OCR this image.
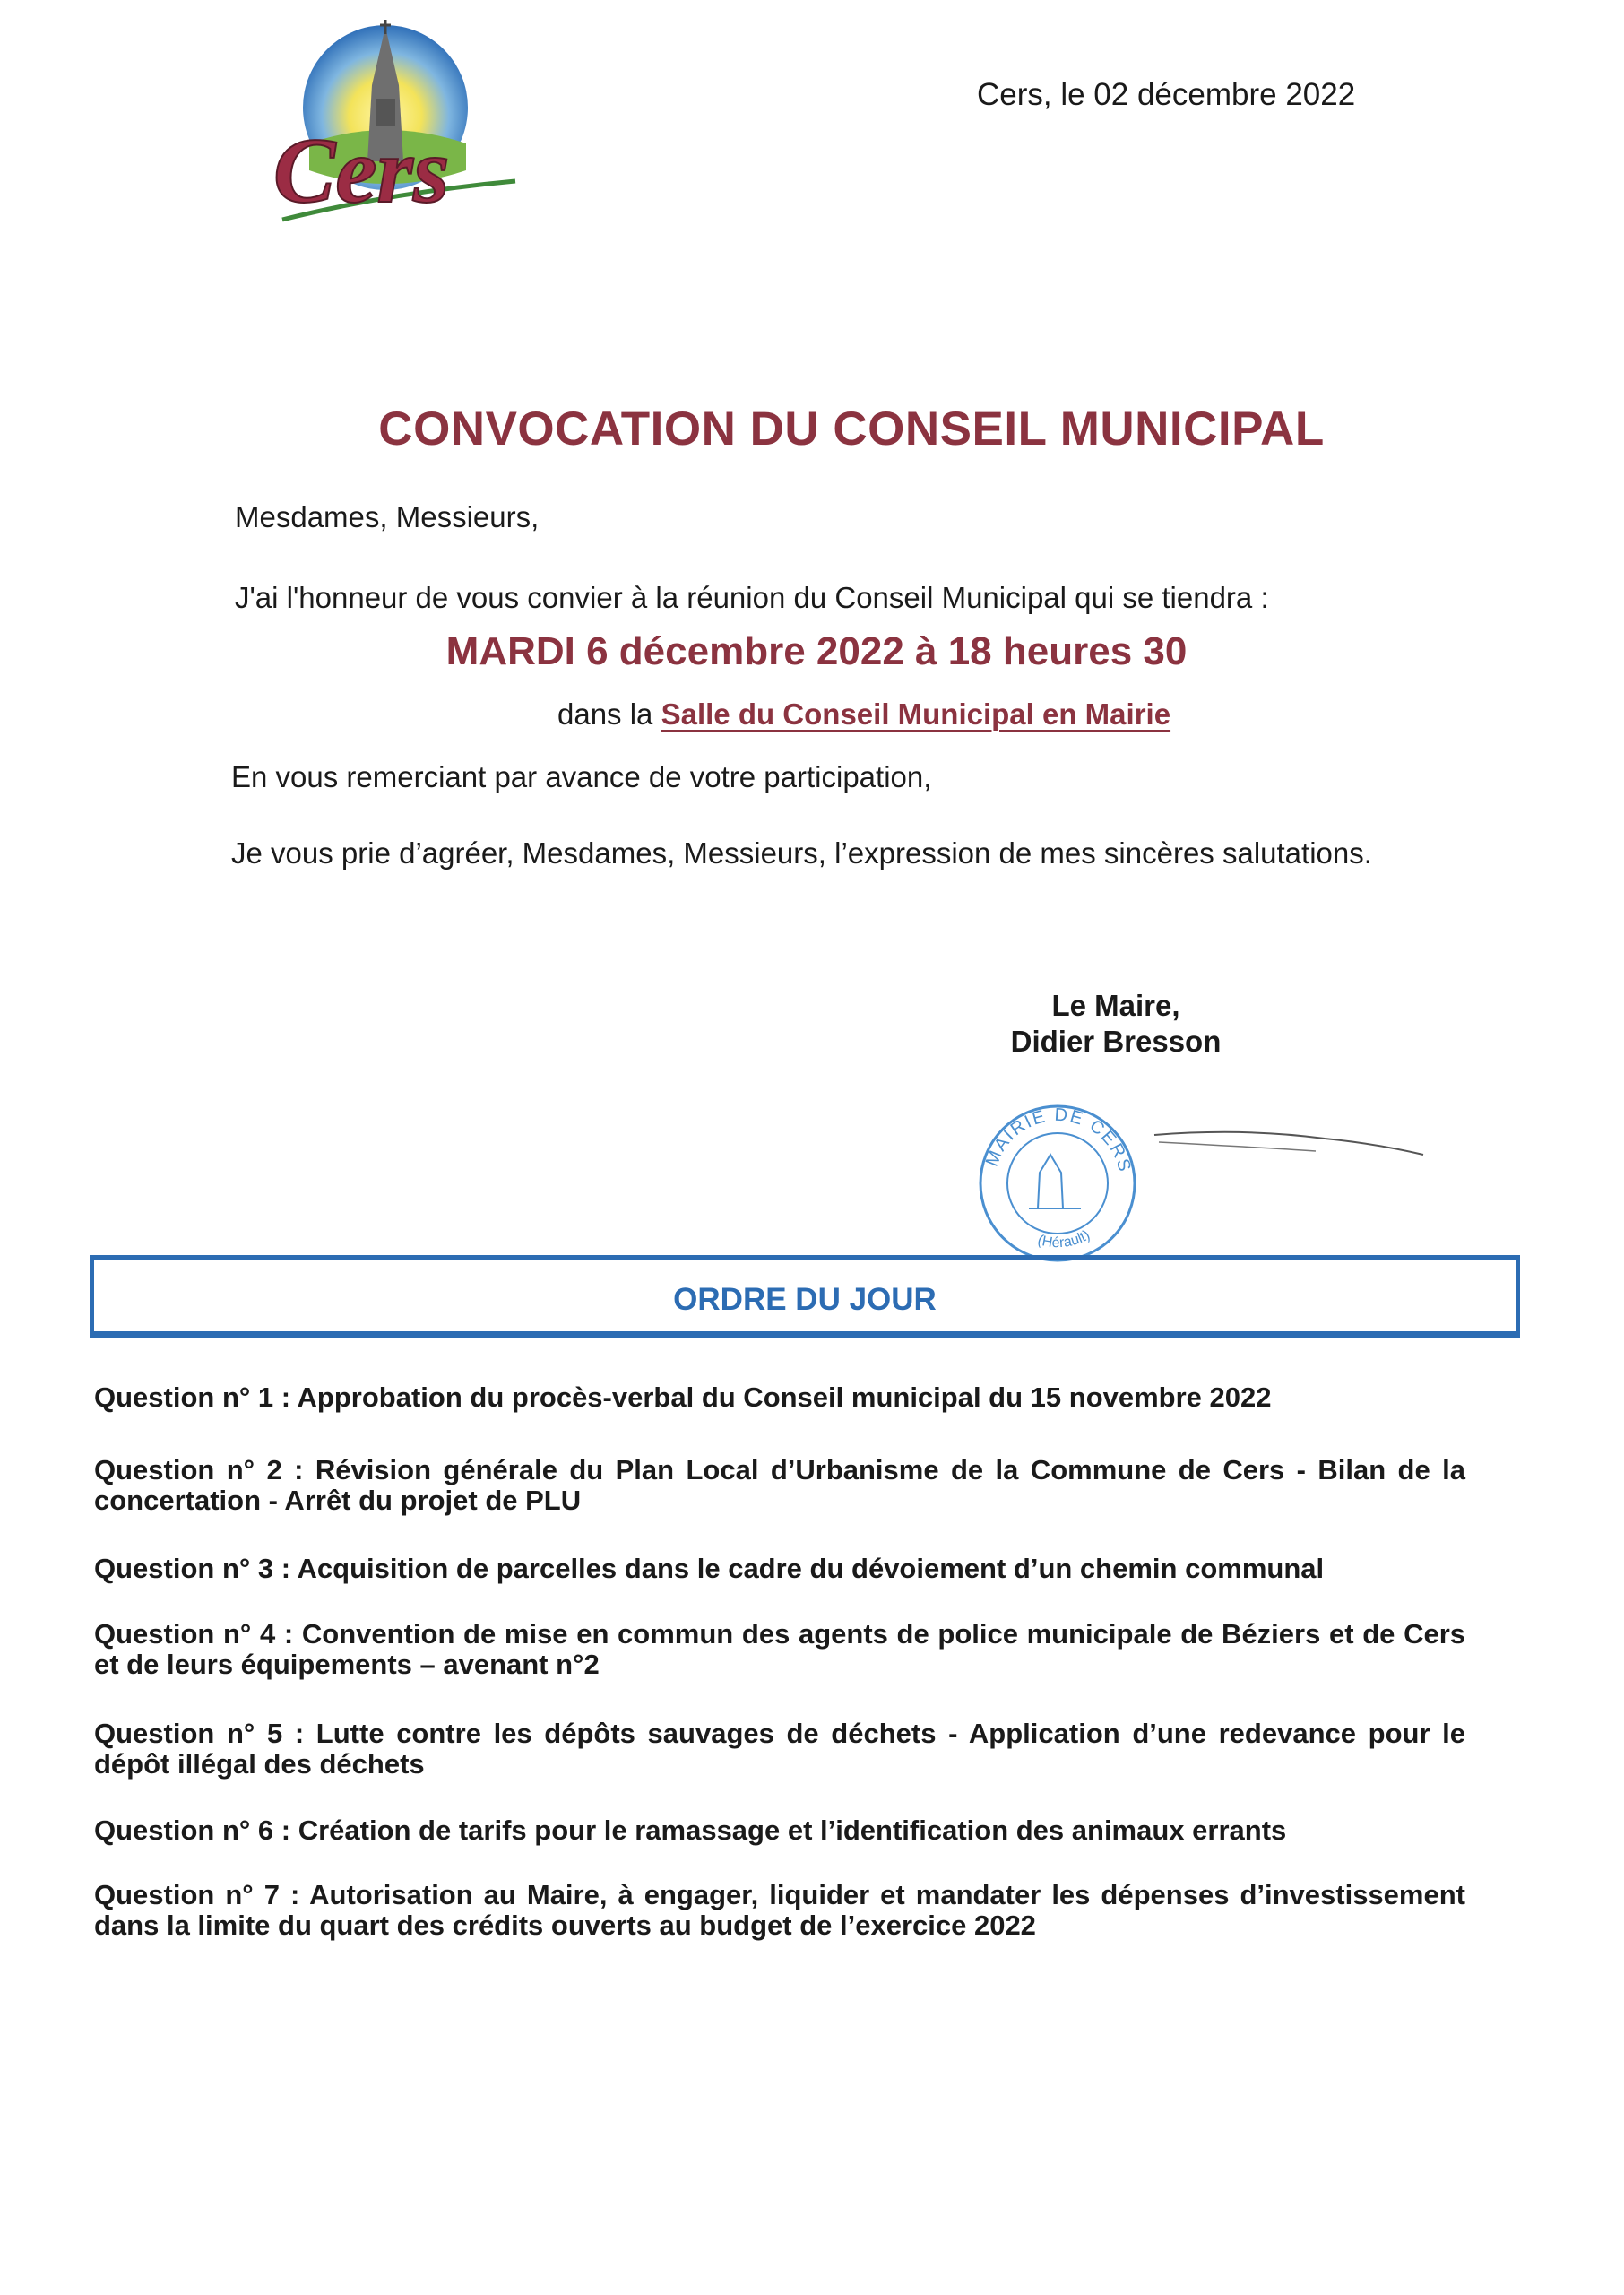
Cers
Cers, le 02 décembre 2022
CONVOCATION DU CONSEIL MUNICIPAL
Mesdames, Messieurs,
J'ai l'honneur de vous convier à la réunion du Conseil Municipal qui se tiendra :
MARDI 6 décembre 2022 à 18 heures 30
dans la Salle du Conseil Municipal en Mairie
En vous remerciant par avance de votre participation,
Je vous prie d’agréer, Mesdames, Messieurs, l’expression de mes sincères salutations.
Le Maire,
Didier Bresson
MAIRIE DE CERS
(Hérault)
ORDRE DU JOUR
Question n° 1 : Approbation du procès-verbal du Conseil municipal du 15 novembre 2022
Question n° 2 : Révision générale du Plan Local d’Urbanisme de la Commune de Cers - Bilan de la concertation - Arrêt du projet de PLU
Question n° 3 : Acquisition de parcelles dans le cadre du dévoiement d’un chemin communal
Question n° 4 : Convention de mise en commun des agents de police municipale de Béziers et de Cers et de leurs équipements – avenant n°2
Question n° 5 : Lutte contre les dépôts sauvages de déchets - Application d’une redevance pour le dépôt illégal des déchets
Question n° 6 : Création de tarifs pour le ramassage et l’identification des animaux errants
Question n° 7 : Autorisation au Maire, à engager, liquider et mandater les dépenses d’investissement dans la limite du quart des crédits ouverts au budget de l’exercice 2022
